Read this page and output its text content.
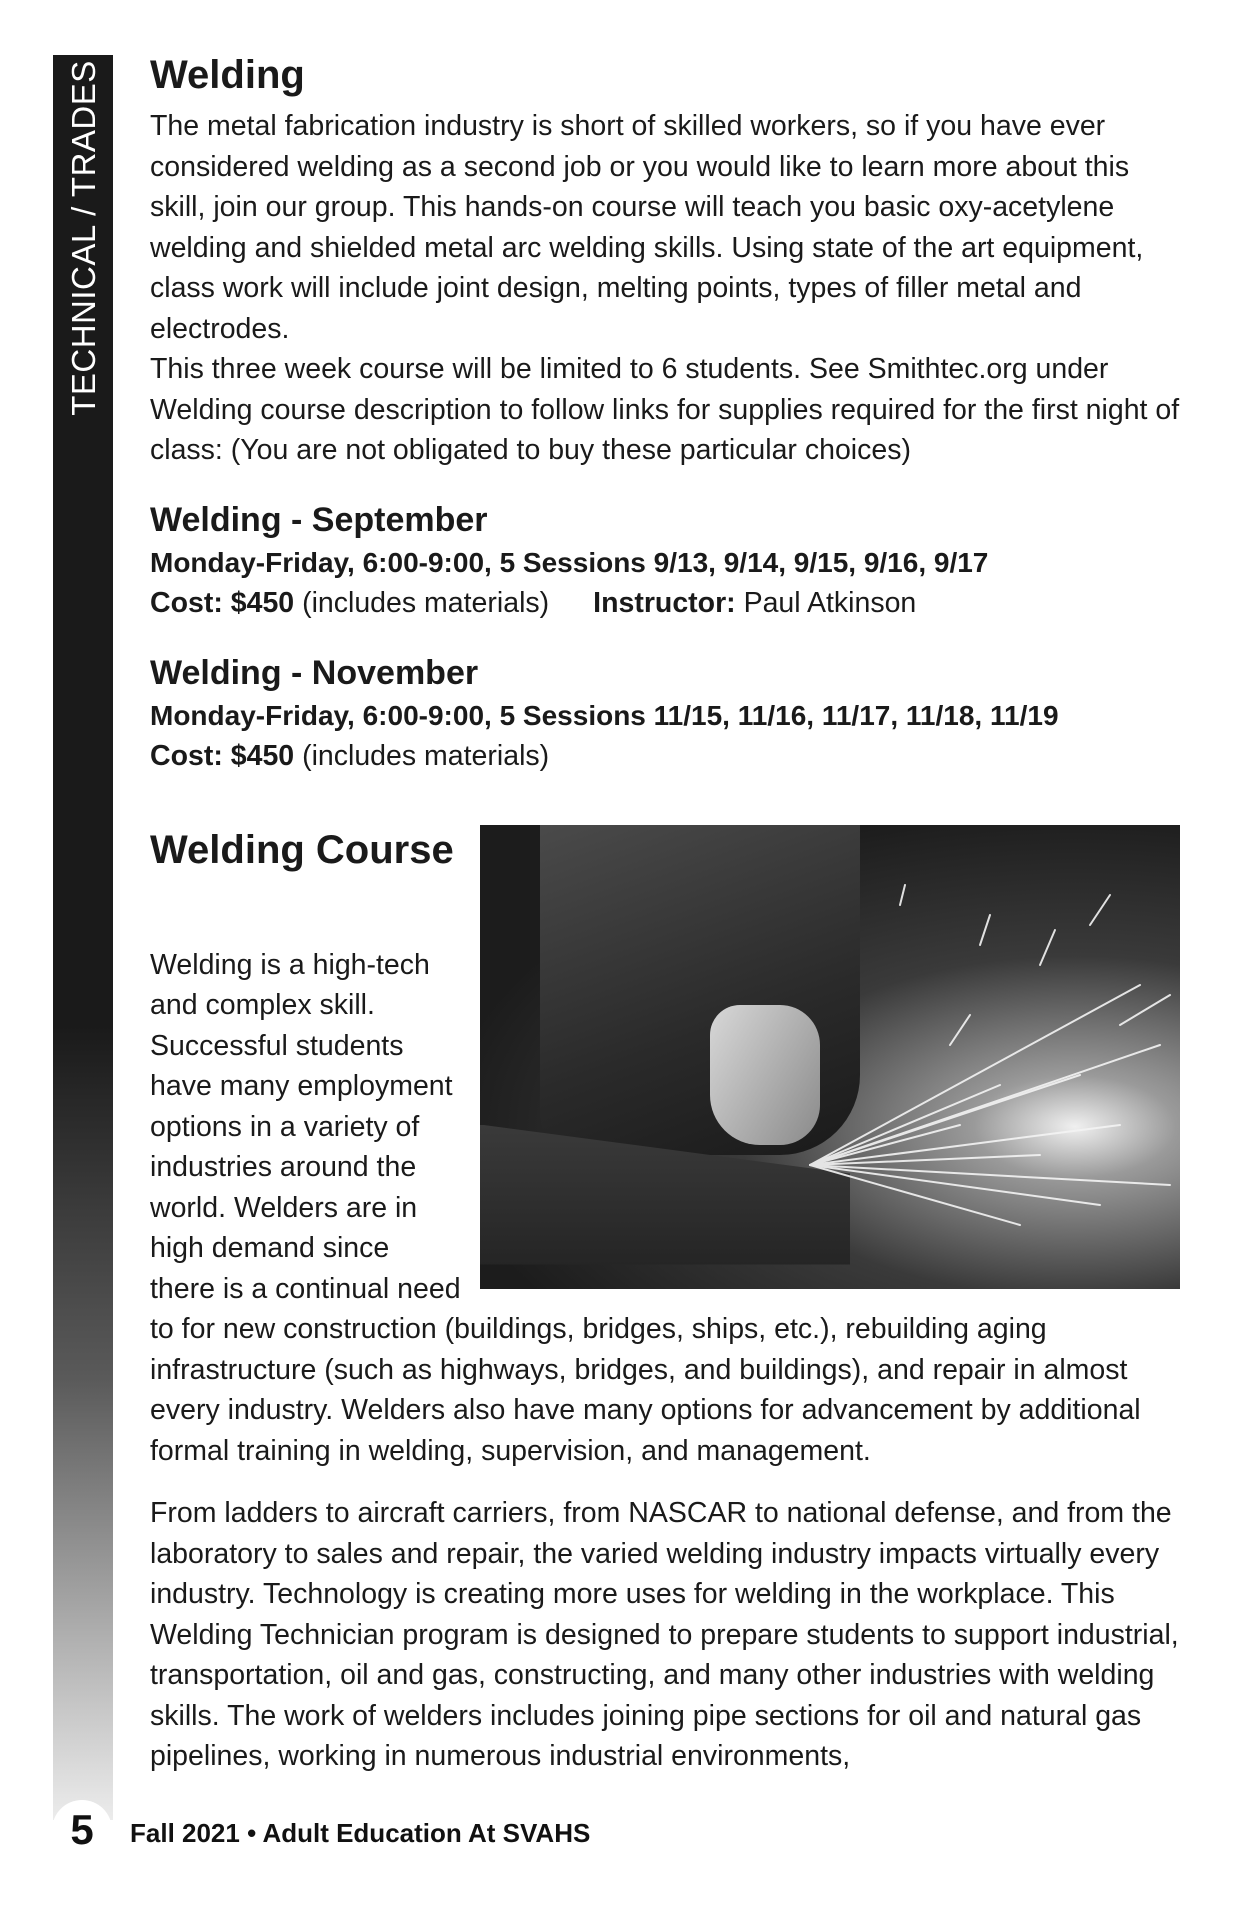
TECHNICAL / TRADES
5	Fall 2021 • Adult Education At SVAHS
Welding

The metal fabrication industry is short of skilled workers, so if you have ever considered welding as a second job or you would like to learn more about this skill, join our group. This hands-on course will teach you basic oxy-acetylene welding and shielded metal arc welding skills. Using state of the art equipment, class work will include joint design, melting points, types of filler metal and electrodes.

This three week course will be limited to 6 students. See Smithtec.org under Welding course description to follow links for supplies required for the first night of class: (You are not obligated to buy these particular choices)

Welding - September
Monday-Friday, 6:00-9:00, 5 Sessions 9/13, 9/14, 9/15, 9/16, 9/17
Cost: $450 (includes materials) Instructor: Paul Atkinson
Welding - November
Monday-Friday, 6:00-9:00, 5 Sessions 11/15, 11/16, 11/17, 11/18, 11/19
Cost: $450 (includes materials)
Welding Course

Welding is a high-tech and complex skill. Successful students have many employment options in a variety of industries around the world. Welders are in high demand since there is a continual need to for new construction (buildings, bridges, ships, etc.), rebuilding aging infrastructure (such as highways, bridges, and buildings), and repair in almost every industry. Welders also have many options for advancement by additional formal training in welding, supervision, and management.

From ladders to aircraft carriers, from NASCAR to national defense, and from the laboratory to sales and repair, the varied welding industry impacts virtually every industry. Technology is creating more uses for welding in the workplace. This Welding Technician program is designed to prepare students to support industrial, transportation, oil and gas, constructing, and many other industries with welding skills. The work of welders includes joining pipe sections for oil and natural gas pipelines, working in numerous industrial environments,
